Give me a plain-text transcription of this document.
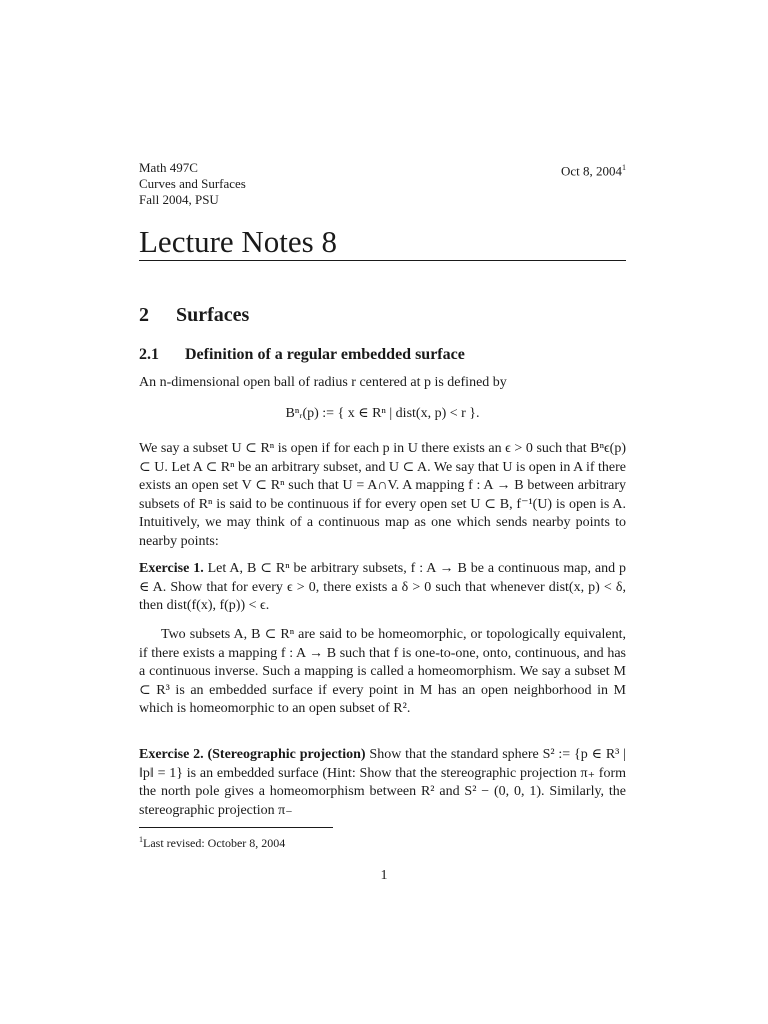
Math 497C
Curves and Surfaces
Fall 2004, PSU
Oct 8, 2004$^1$
Lecture Notes 8
2 Surfaces
2.1 Definition of a regular embedded surface

An n-dimensional open ball of radius r centered at p is defined by

Bⁿᵣ(p) := { x ∈ Rⁿ | dist(x, p) < r }.

We say a subset U ⊂ Rⁿ is open if for each p in U there exists an ϵ > 0 such that Bⁿϵ(p) ⊂ U. Let A ⊂ Rⁿ be an arbitrary subset, and U ⊂ A. We say that U is open in A if there exists an open set V ⊂ Rⁿ such that U = A∩V. A mapping f : A → B between arbitrary subsets of Rⁿ is said to be continuous if for every open set U ⊂ B, f⁻¹(U) is open is A. Intuitively, we may think of a continuous map as one which sends nearby points to nearby points:

Exercise 1. Let A, B ⊂ Rⁿ be arbitrary subsets, f : A → B be a continuous map, and p ∈ A. Show that for every ϵ > 0, there exists a δ > 0 such that whenever dist(x, p) < δ, then dist(f(x), f(p)) < ϵ.

Two subsets A, B ⊂ Rⁿ are said to be homeomorphic, or topologically equivalent, if there exists a mapping f : A → B such that f is one-to-one, onto, continuous, and has a continuous inverse. Such a mapping is called a homeomorphism. We say a subset M ⊂ R³ is an embedded surface if every point in M has an open neighborhood in M which is homeomorphic to an open subset of R².

Exercise 2. (Stereographic projection) Show that the standard sphere S² := {p ∈ R³ | ‖p‖ = 1} is an embedded surface (Hint: Show that the stereographic projection π₊ form the north pole gives a homeomorphism between R² and S² − (0, 0, 1). Similarly, the stereographic projection π₋

$^1$Last revised: October 8, 2004
1
